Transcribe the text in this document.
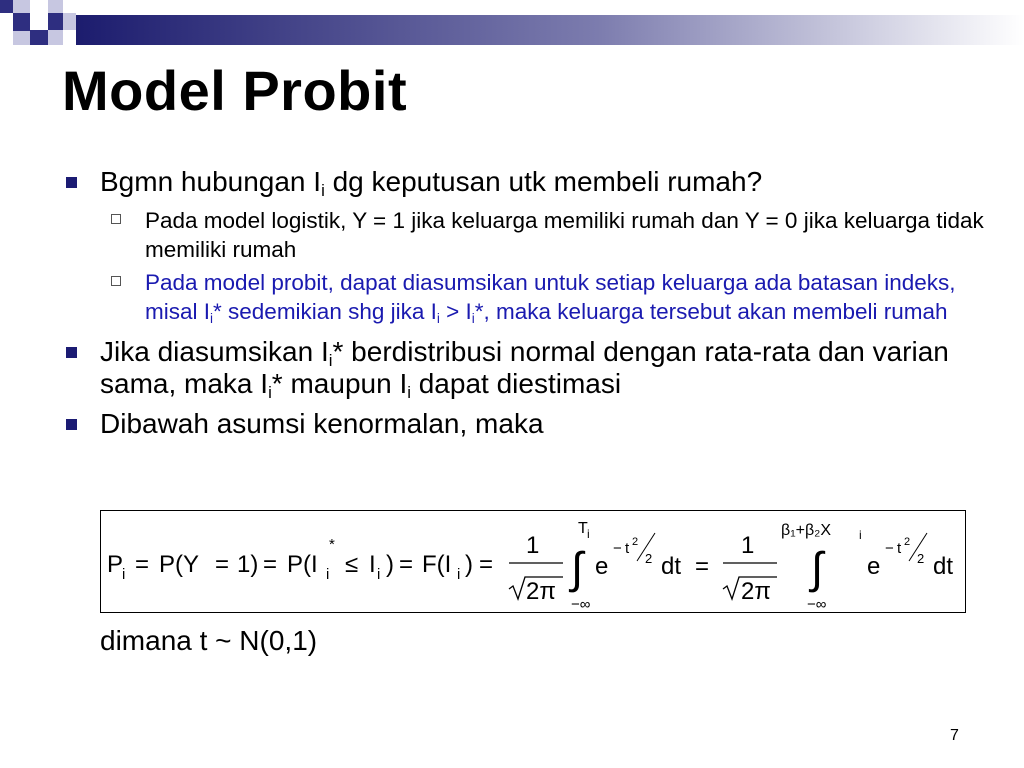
Model Probit
Bgmn hubungan $I_i$ dg keputusan utk membeli rumah?
Pada model logistik, Y = 1 jika keluarga memiliki rumah dan Y = 0 jika keluarga tidak memiliki rumah
Pada model probit, dapat diasumsikan untuk setiap keluarga ada batasan indeks, misal $I_i*$ sedemikian shg jika $I_i > I_i*$, maka keluarga tersebut akan membeli rumah
Jika diasumsikan $I_i*$ berdistribusi normal dengan rata-rata dan varian sama, maka $I_i*$ maupun $I_i$ dapat diestimasi
Dibawah asumsi kenormalan, maka
P
i = P(Y = 1) = P(I
*
i ≤ I i ) = F(I i ) =
1
2π ∫
T i
−∞
e
− t 2
2 dt =
1
2π ∫
β₁+β₂X i
−∞
e
− t 2
2 dt
dimana t ~ N(0,1)
7
